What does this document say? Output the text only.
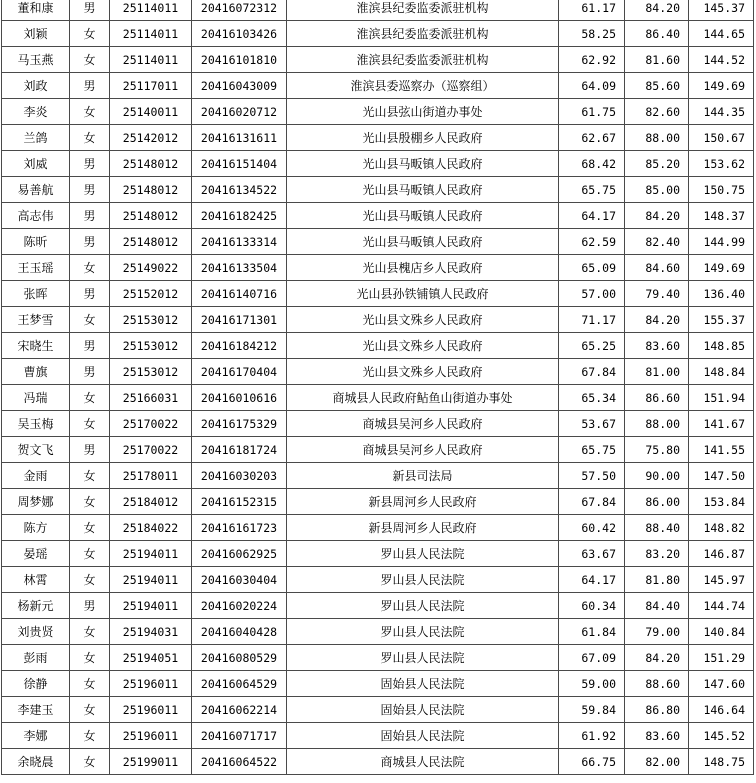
董和康	男	25114011	20416072312	淮滨县纪委监委派驻机构	61.17	84.20	145.37
刘颖	女	25114011	20416103426	淮滨县纪委监委派驻机构	58.25	86.40	144.65
马玉燕	女	25114011	20416101810	淮滨县纪委监委派驻机构	62.92	81.60	144.52
刘政	男	25117011	20416043009	淮滨县委巡察办（巡察组）	64.09	85.60	149.69
李炎	女	25140011	20416020712	光山县弦山街道办事处	61.75	82.60	144.35
兰鸽	女	25142012	20416131611	光山县殷棚乡人民政府	62.67	88.00	150.67
刘威	男	25148012	20416151404	光山县马畈镇人民政府	68.42	85.20	153.62
易善航	男	25148012	20416134522	光山县马畈镇人民政府	65.75	85.00	150.75
高志伟	男	25148012	20416182425	光山县马畈镇人民政府	64.17	84.20	148.37
陈昕	男	25148012	20416133314	光山县马畈镇人民政府	62.59	82.40	144.99
王玉瑶	女	25149022	20416133504	光山县槐店乡人民政府	65.09	84.60	149.69
张晖	男	25152012	20416140716	光山县孙铁铺镇人民政府	57.00	79.40	136.40
王梦雪	女	25153012	20416171301	光山县文殊乡人民政府	71.17	84.20	155.37
宋晓生	男	25153012	20416184212	光山县文殊乡人民政府	65.25	83.60	148.85
曹旗	男	25153012	20416170404	光山县文殊乡人民政府	67.84	81.00	148.84
冯瑞	女	25166031	20416010616	商城县人民政府鲇鱼山街道办事处	65.34	86.60	151.94
吴玉梅	女	25170022	20416175329	商城县吴河乡人民政府	53.67	88.00	141.67
贺文飞	男	25170022	20416181724	商城县吴河乡人民政府	65.75	75.80	141.55
金雨	女	25178011	20416030203	新县司法局	57.50	90.00	147.50
周梦娜	女	25184012	20416152315	新县周河乡人民政府	67.84	86.00	153.84
陈方	女	25184022	20416161723	新县周河乡人民政府	60.42	88.40	148.82
晏瑶	女	25194011	20416062925	罗山县人民法院	63.67	83.20	146.87
林霄	女	25194011	20416030404	罗山县人民法院	64.17	81.80	145.97
杨新元	男	25194011	20416020224	罗山县人民法院	60.34	84.40	144.74
刘贵贤	女	25194031	20416040428	罗山县人民法院	61.84	79.00	140.84
彭雨	女	25194051	20416080529	罗山县人民法院	67.09	84.20	151.29
徐静	女	25196011	20416064529	固始县人民法院	59.00	88.60	147.60
李建玉	女	25196011	20416062214	固始县人民法院	59.84	86.80	146.64
李娜	女	25196011	20416071717	固始县人民法院	61.92	83.60	145.52
余晓晨	女	25199011	20416064522	商城县人民法院	66.75	82.00	148.75
